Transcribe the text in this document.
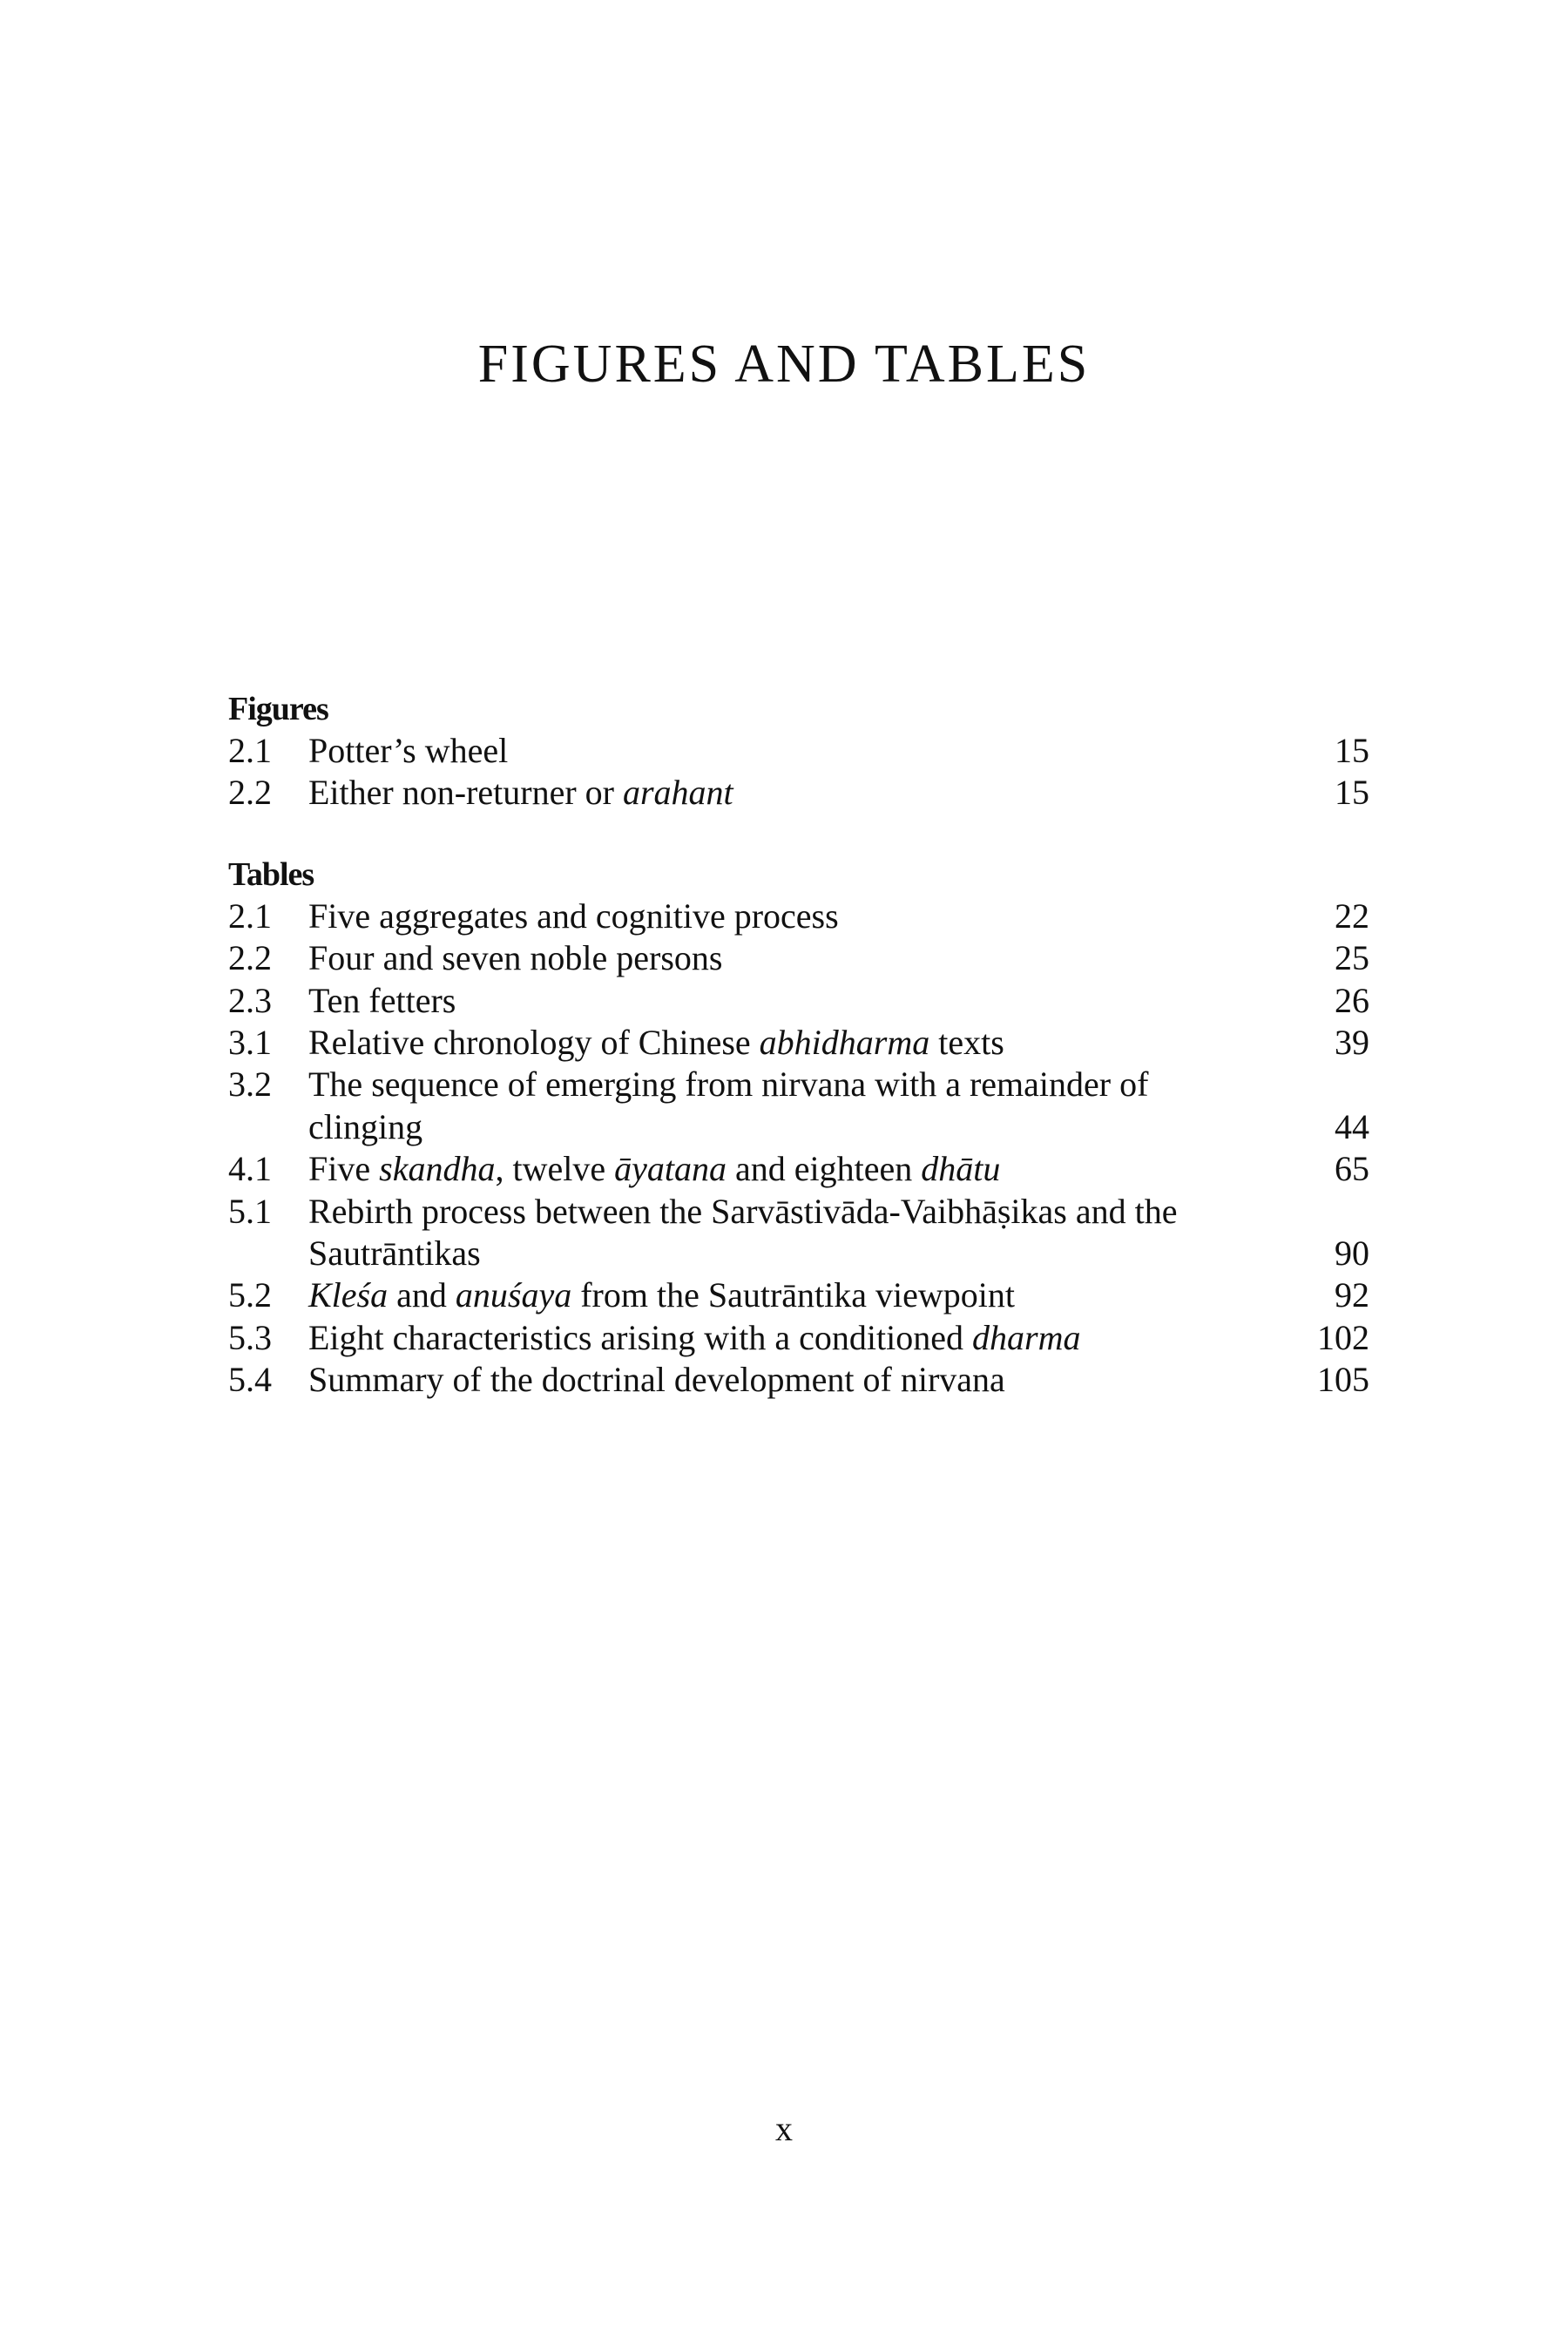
FIGURES AND TABLES
Figures
2.1	Potter’s wheel	15
2.2	Either non-returner or arahant	15
Tables
2.1	Five aggregates and cognitive process	22
2.2	Four and seven noble persons	25
2.3	Ten fetters	26
3.1	Relative chronology of Chinese abhidharma texts	39
3.2	The sequence of emerging from nirvana with a remainder of clinging	44
4.1	Five skandha, twelve āyatana and eighteen dhātu	65
5.1	Rebirth process between the Sarvāstivāda-Vaibhāṣikas and the Sautrāntikas	90
5.2	Kleśa and anuśaya from the Sautrāntika viewpoint	92
5.3	Eight characteristics arising with a conditioned dharma	102
5.4	Summary of the doctrinal development of nirvana	105
x
